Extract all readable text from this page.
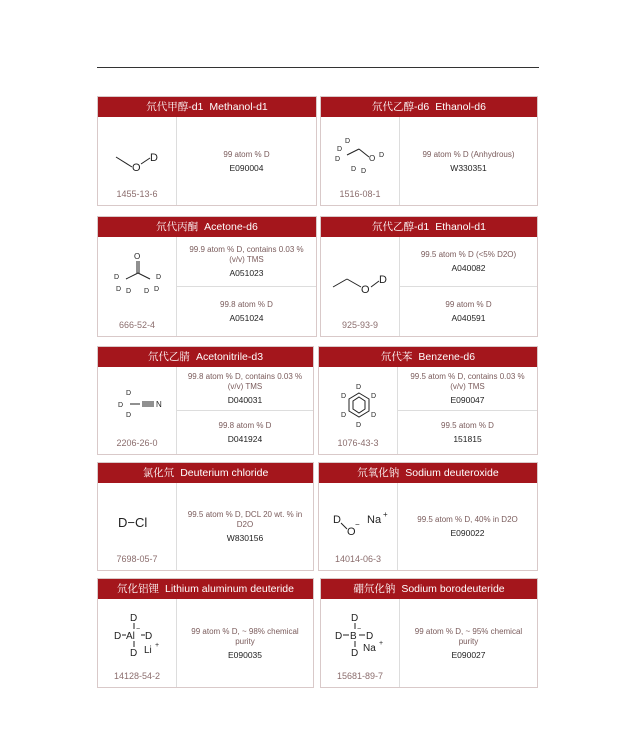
氘代甲醇-d1 Methanol-d1
O
D
1455-13-6
99 atom % D
E090004
氘代乙醇-d6 Ethanol-d6
O D
D
D
D
D
D
1516-08-1
99 atom % D (Anhydrous)
W330351
氘代丙酮 Acetone-d6
O
D
D D
D
D
D
666-52-4
99.9 atom % D, contains 0.03 % (v/v) TMS
A051023
99.8 atom % D
A051024
氘代乙醇-d1 Ethanol-d1
O
D
925-93-9
99.5 atom % D (<5% D2O)
A040082
99 atom % D
A040591
氘代乙腈 Acetonitrile-d3
D
D
D
N
2206-26-0
99.8 atom % D, contains 0.03 % (v/v) TMS
D040031
99.8 atom % D
D041924
氘代苯 Benzene-d6
D
D
D
D
D
D
1076-43-3
99.5 atom % D, contains 0.03 % (v/v) TMS
E090047
99.5 atom % D
151815
氯化氘 Deuterium chloride
D−Cl
7698-05-7
99.5 atom % D, DCL 20 wt. % in D2O
W830156
氘氧化钠 Sodium deuteroxide
D
O
− Na +
14014-06-3
99.5 atom % D, 40% in D2O
E090022
氘化铝锂 Lithium aluminum deuteride
D
D Al
−
D
D Li +
14128-54-2
99 atom % D, ~ 98% chemical purity
E090035
硼氘化钠 Sodium borodeuteride
D
D B
−
D
D Na +
15681-89-7
99 atom % D, ~ 95% chemical purity
E090027
